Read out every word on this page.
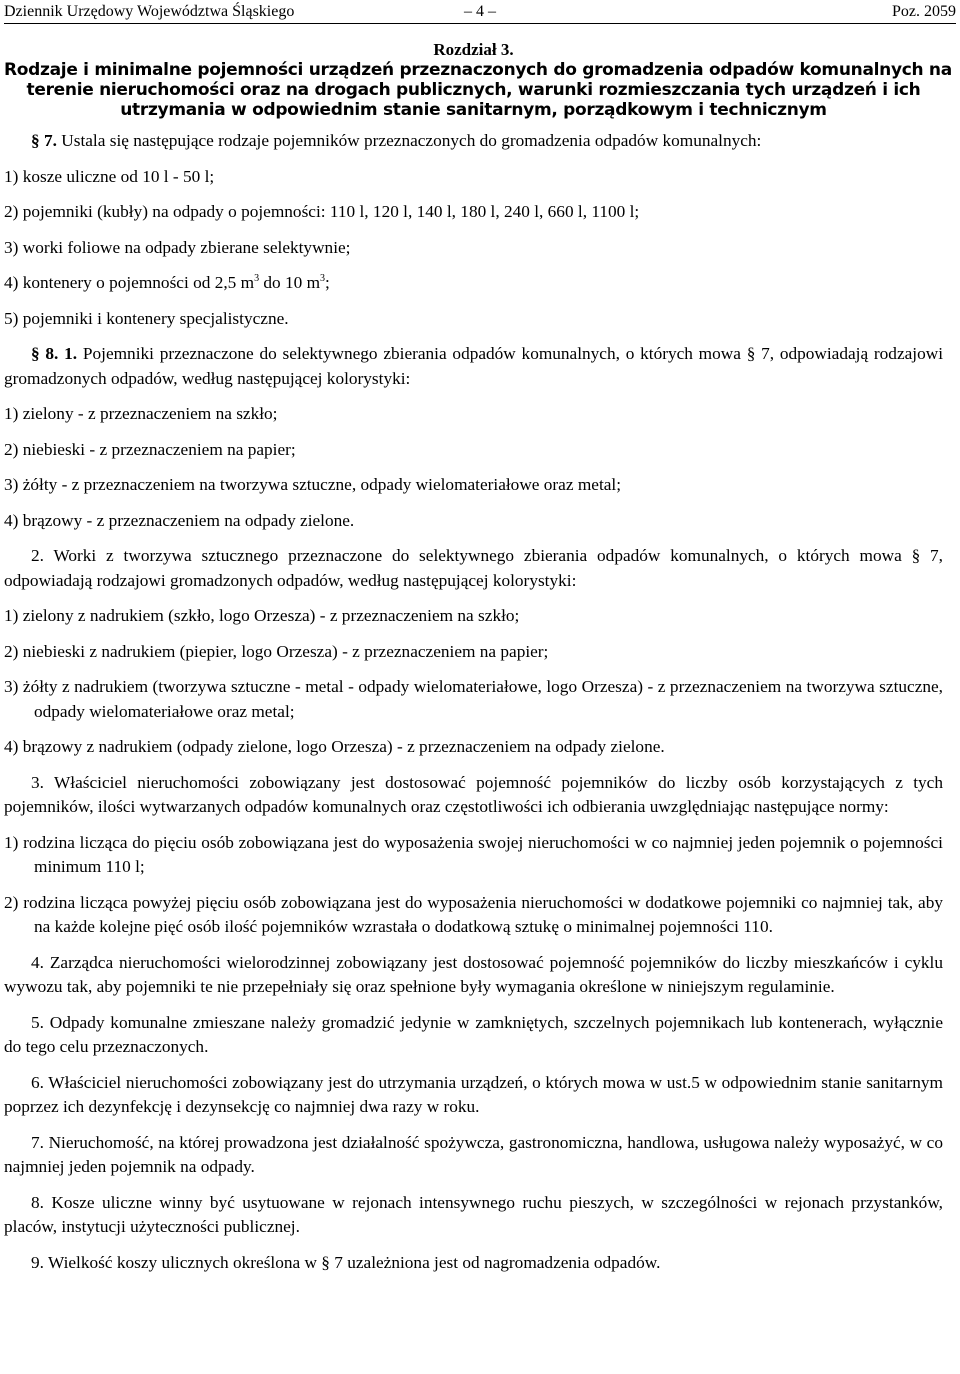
Dziennik Urzędowy Województwa Śląskiego	– 4 –	Poz. 2059
Rozdział 3.
Rodzaje i minimalne pojemności urządzeń przeznaczonych do gromadzenia odpadów komunalnych na
terenie nieruchomości oraz na drogach publicznych, warunki rozmieszczania tych urządzeń i ich
utrzymania w odpowiednim stanie sanitarnym, porządkowym i technicznym

§ 7. Ustala się następujące rodzaje pojemników przeznaczonych do gromadzenia odpadów komunalnych:

1) kosze uliczne od 10 l - 50 l;

2) pojemniki (kubły) na odpady o pojemności: 110 l, 120 l, 140 l, 180 l, 240 l, 660 l, 1100 l;

3) worki foliowe na odpady zbierane selektywnie;

4) kontenery o pojemności od 2,5 $m^3$ do 10 $m^3$;

5) pojemniki i kontenery specjalistyczne.

§ 8. 1. Pojemniki przeznaczone do selektywnego zbierania odpadów komunalnych, o których mowa § 7, odpowiadają rodzajowi gromadzonych odpadów, według następującej kolorystyki:

1) zielony - z przeznaczeniem na szkło;

2) niebieski - z przeznaczeniem na papier;

3) żółty - z przeznaczeniem na tworzywa sztuczne, odpady wielomateriałowe oraz metal;

4) brązowy - z przeznaczeniem na odpady zielone.

2. Worki z tworzywa sztucznego przeznaczone do selektywnego zbierania odpadów komunalnych, o których mowa § 7, odpowiadają rodzajowi gromadzonych odpadów, według następującej kolorystyki:

1) zielony z nadrukiem (szkło, logo Orzesza) - z przeznaczeniem na szkło;

2) niebieski z nadrukiem (piepier, logo Orzesza) - z przeznaczeniem na papier;

3) żółty z nadrukiem (tworzywa sztuczne - metal - odpady wielomateriałowe, logo Orzesza) - z przeznaczeniem na tworzywa sztuczne, odpady wielomateriałowe oraz metal;

4) brązowy z nadrukiem (odpady zielone, logo Orzesza) - z przeznaczeniem na odpady zielone.

3. Właściciel nieruchomości zobowiązany jest dostosować pojemność pojemników do liczby osób korzystających z tych pojemników, ilości wytwarzanych odpadów komunalnych oraz częstotliwości ich odbierania uwzględniając następujące normy:

1) rodzina licząca do pięciu osób zobowiązana jest do wyposażenia swojej nieruchomości w co najmniej jeden pojemnik o pojemności minimum 110 l;

2) rodzina licząca powyżej pięciu osób zobowiązana jest do wyposażenia nieruchomości w dodatkowe pojemniki co najmniej tak, aby na każde kolejne pięć osób ilość pojemników wzrastała o dodatkową sztukę o minimalnej pojemności 110.

4. Zarządca nieruchomości wielorodzinnej zobowiązany jest dostosować pojemność pojemników do liczby mieszkańców i cyklu wywozu tak, aby pojemniki te nie przepełniały się oraz spełnione były wymagania określone w niniejszym regulaminie.

5. Odpady komunalne zmieszane należy gromadzić jedynie w zamkniętych, szczelnych pojemnikach lub kontenerach, wyłącznie do tego celu przeznaczonych.

6. Właściciel nieruchomości zobowiązany jest do utrzymania urządzeń, o których mowa w ust.5 w odpowiednim stanie sanitarnym poprzez ich dezynfekcję i dezynsekcję co najmniej dwa razy w roku.

7. Nieruchomość, na której prowadzona jest działalność spożywcza, gastronomiczna, handlowa, usługowa należy wyposażyć, w co najmniej jeden pojemnik na odpady.

8. Kosze uliczne winny być usytuowane w rejonach intensywnego ruchu pieszych, w szczególności w rejonach przystanków, placów, instytucji użyteczności publicznej.

9. Wielkość koszy ulicznych określona w § 7 uzależniona jest od nagromadzenia odpadów.
